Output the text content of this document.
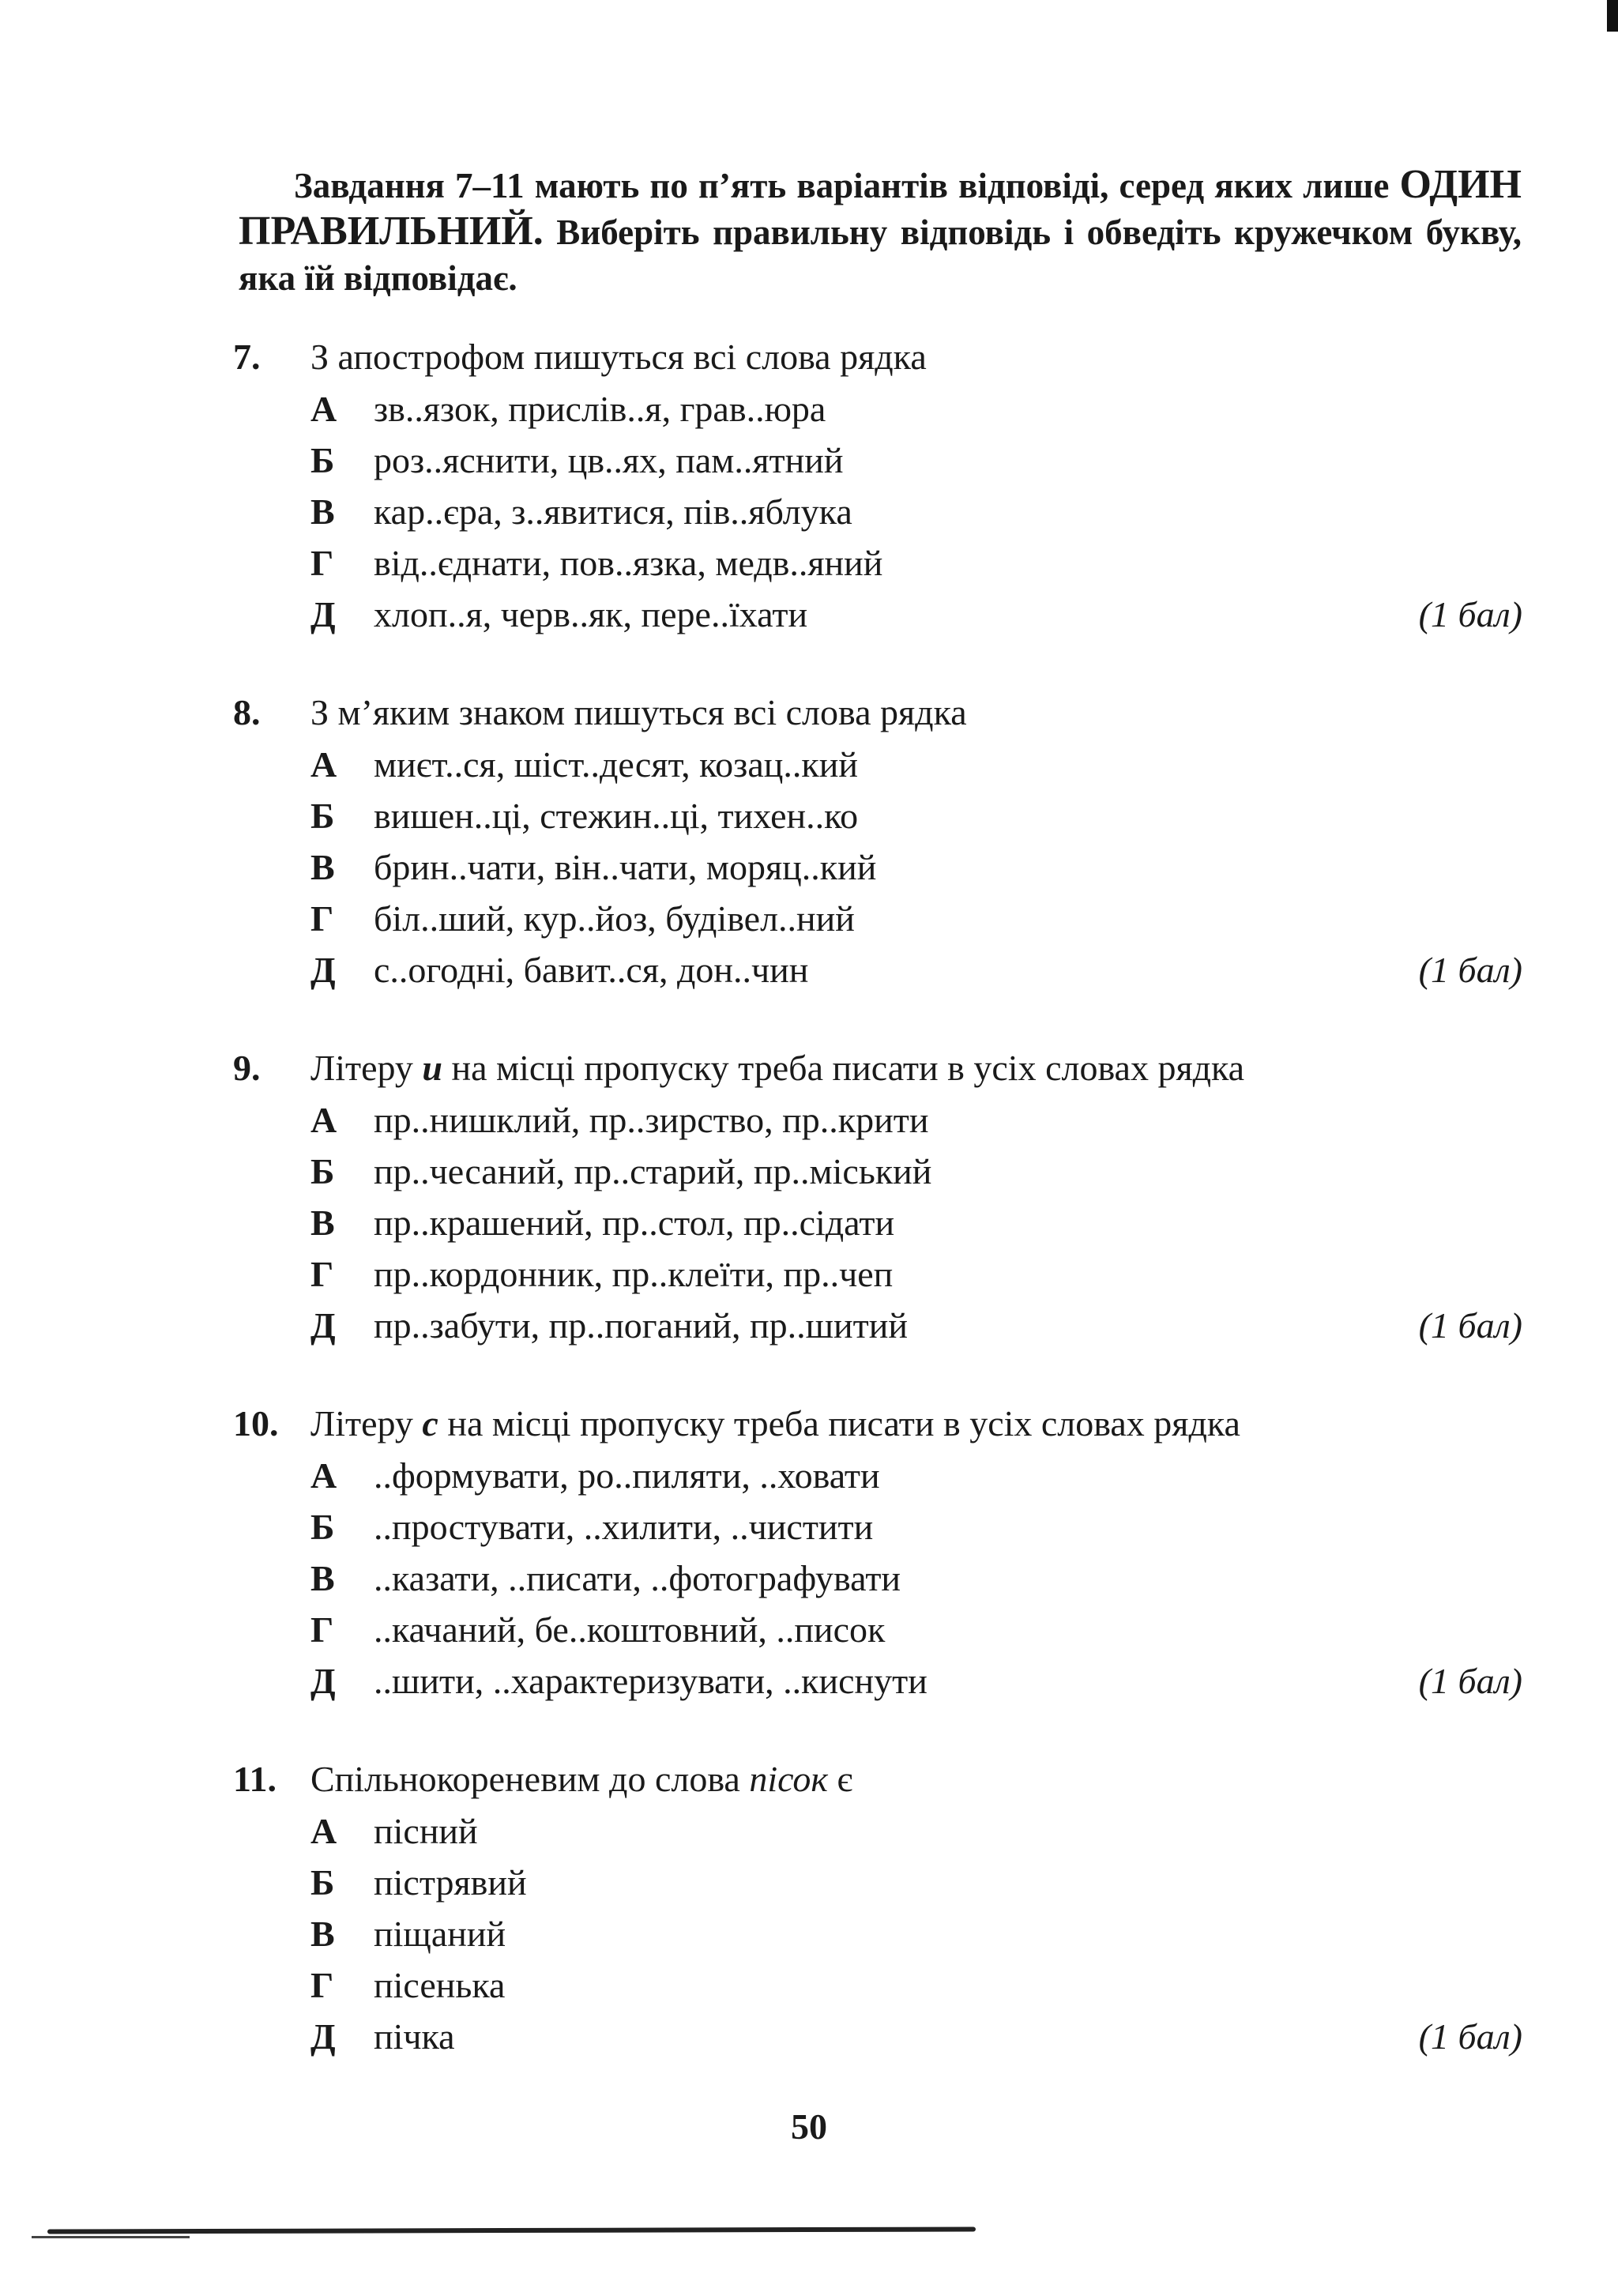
Завдання 7–11 мають по п’ять варіантів відповіді, серед яких лише ОДИН ПРАВИЛЬНИЙ. Виберіть правильну відповідь і обведіть кружечком букву, яка їй відповідає.

7.	З апострофом пишуться всі слова рядка
А	зв..язок, прислів..я, грав..юра
Б	роз..яснити, цв..ях, пам..ятний
В	кар..єра, з..явитися, пів..яблука
Г	від..єднати, пов..язка, медв..яний
Д	хлоп..я, черв..як, пере..їхати	(1 бал)
8.	З м’яким знаком пишуться всі слова рядка
А	миєт..ся, шіст..десят, козац..кий
Б	вишен..ці, стежин..ці, тихен..ко
В	брин..чати, він..чати, моряц..кий
Г	біл..ший, кур..йоз, будівел..ний
Д	с..огодні, бавит..ся, дон..чин	(1 бал)
9.	Літеру и на місці пропуску треба писати в усіх словах рядка
А	пр..нишклий, пр..зирство, пр..крити
Б	пр..чесаний, пр..старий, пр..міський
В	пр..крашений, пр..стол, пр..сідати
Г	пр..кордонник, пр..клеїти, пр..чеп
Д	пр..забути, пр..поганий, пр..шитий	(1 бал)
10. Літеру с на місці пропуску треба писати в усіх словах рядка
А	..формувати, ро..пиляти, ..ховати
Б	..простувати, ..хилити, ..чистити
В	..казати, ..писати, ..фотографувати
Г	..качаний, бе..коштовний, ..писок
Д	..шити, ..характеризувати, ..киснути	(1 бал)
11. Спільнокореневим до слова пісок є
А	пісний
Б	пістрявий
В	піщаний
Г	пісенька
Д	пічка	(1 бал)
50
